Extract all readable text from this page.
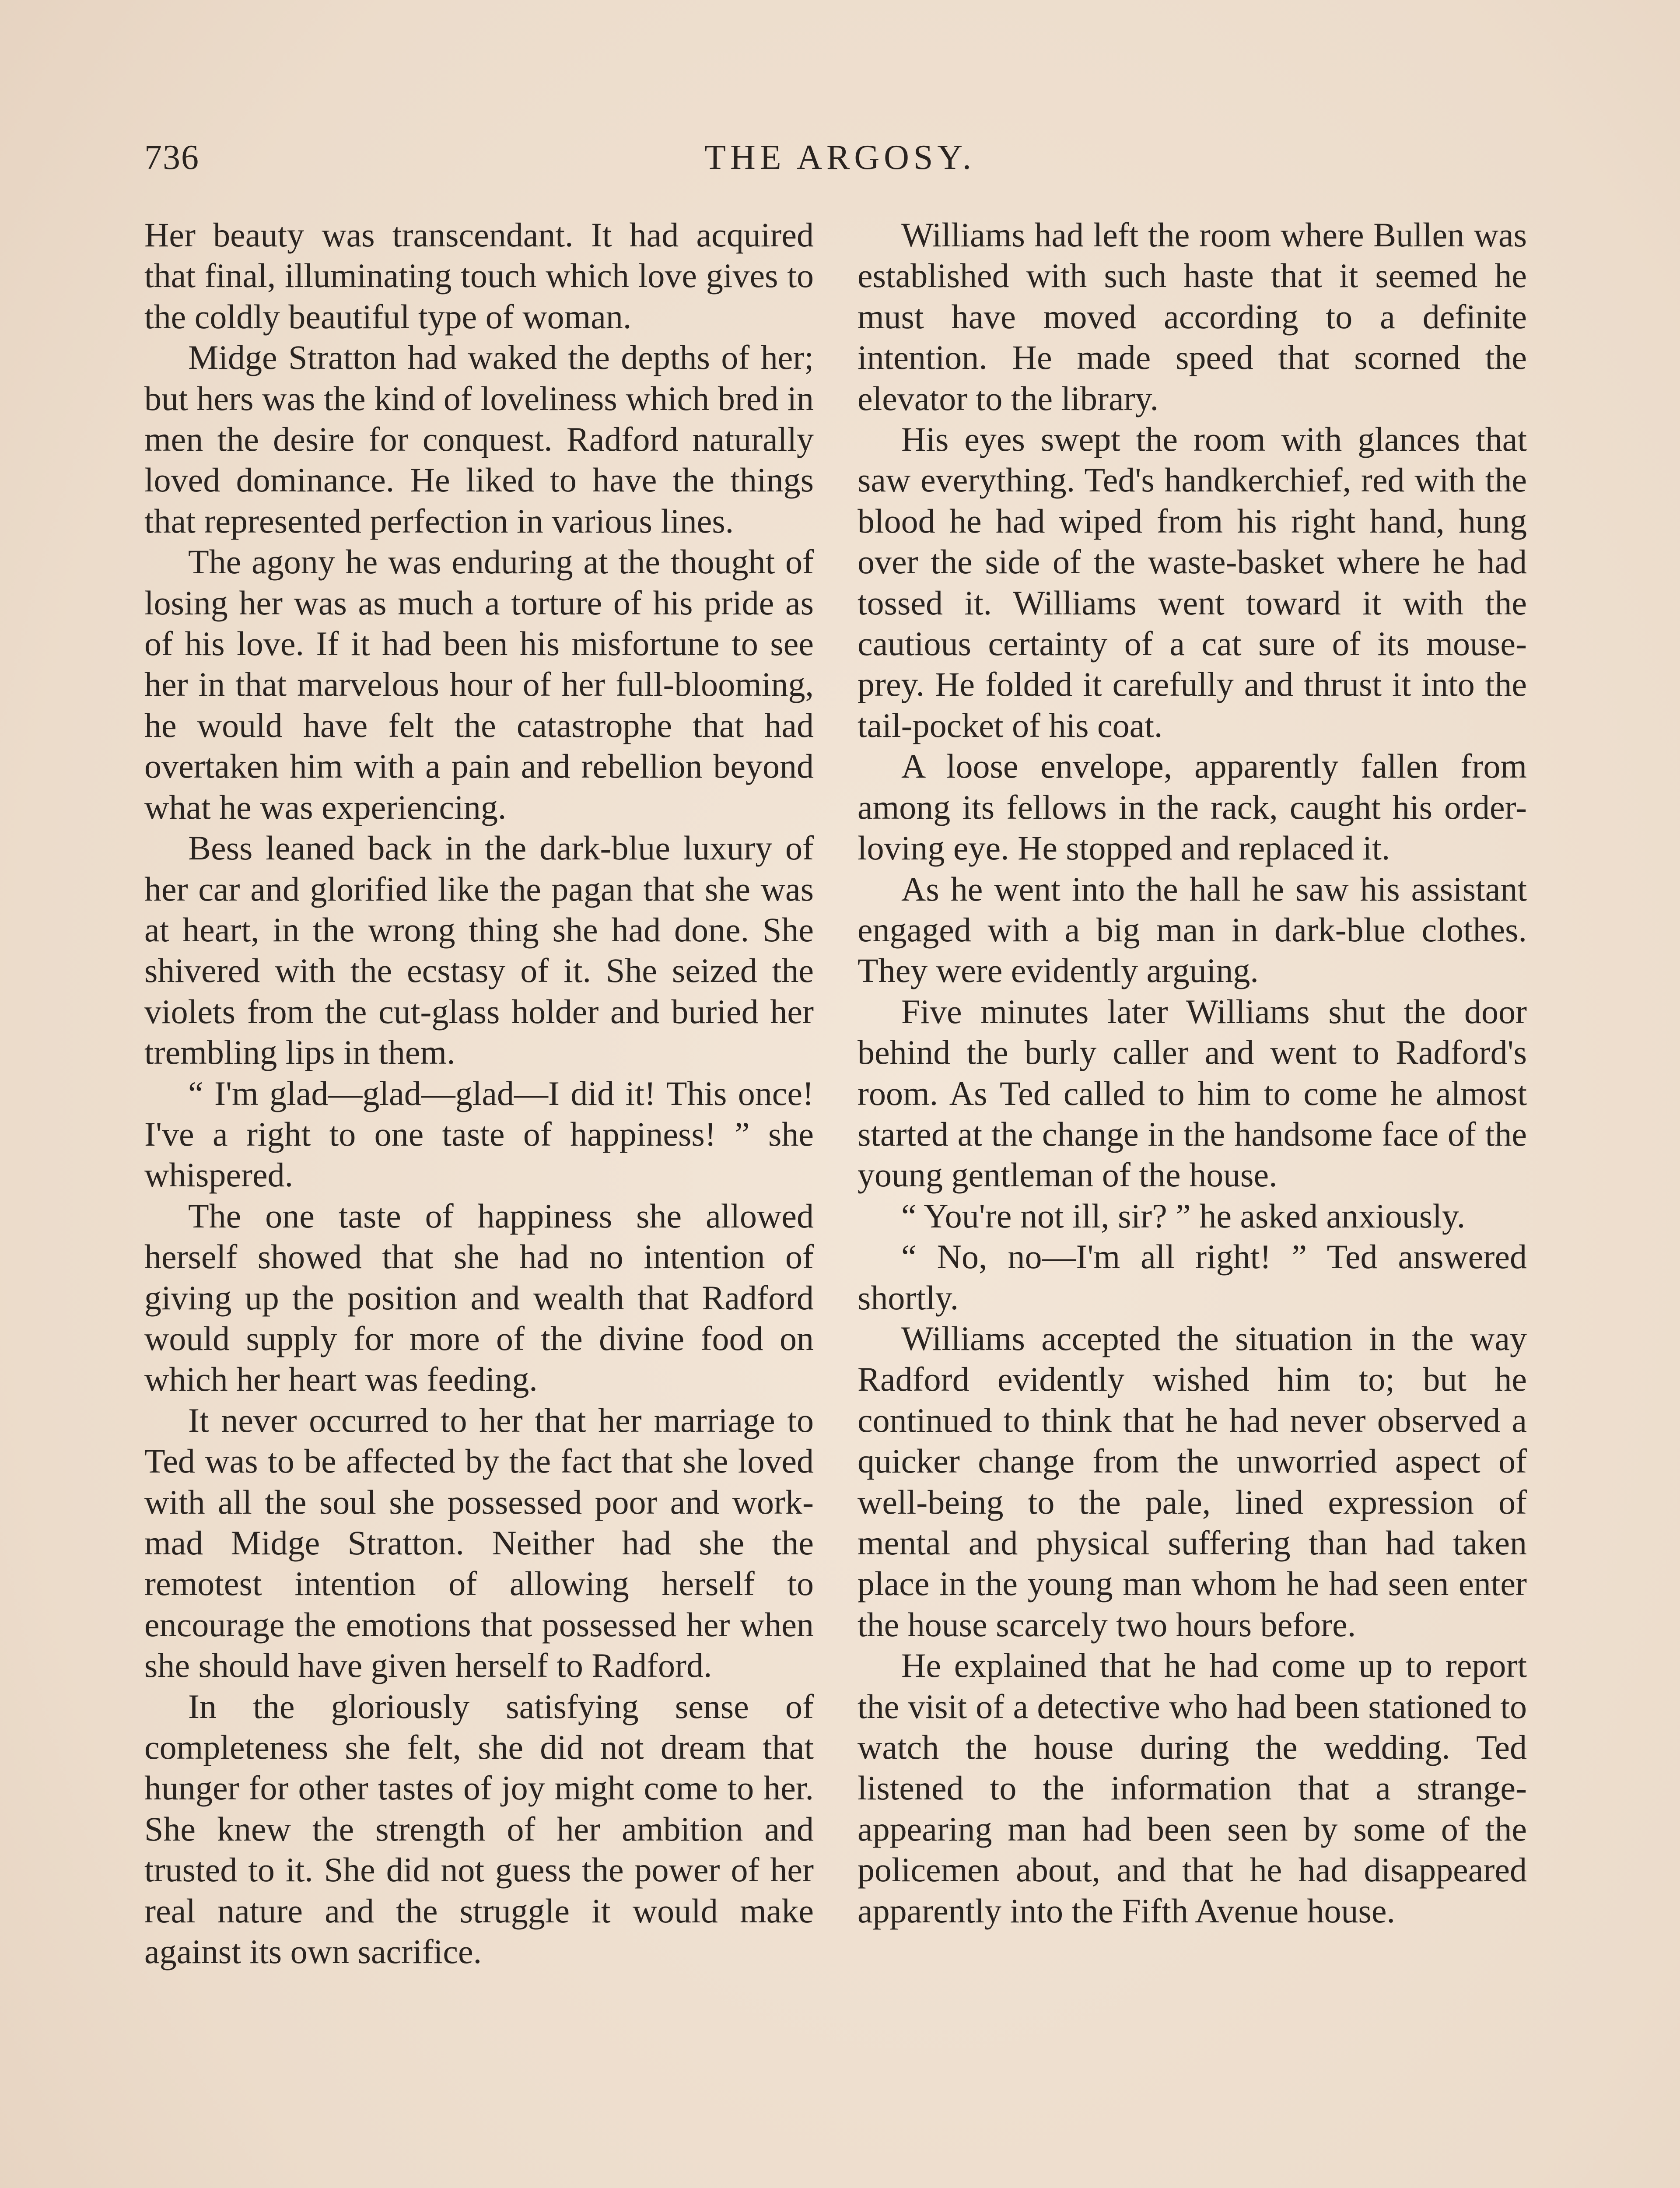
736	THE ARGOSY.

Her beauty was transcendant. It had acquired that final, illuminating touch which love gives to the coldly beautiful type of woman.

Midge Stratton had waked the depths of her; but hers was the kind of loveliness which bred in men the desire for conquest. Radford naturally loved dominance. He liked to have the things that represented perfection in various lines.

The agony he was enduring at the thought of losing her was as much a torture of his pride as of his love. If it had been his misfortune to see her in that marvelous hour of her full-blooming, he would have felt the catastrophe that had overtaken him with a pain and rebellion beyond what he was experiencing.

Bess leaned back in the dark-blue luxury of her car and glorified like the pagan that she was at heart, in the wrong thing she had done. She shivered with the ecstasy of it. She seized the violets from the cut-glass holder and buried her trembling lips in them.

“ I'm glad—glad—glad—I did it! This once! I've a right to one taste of happiness! ” she whispered.

The one taste of happiness she allowed herself showed that she had no intention of giving up the position and wealth that Radford would supply for more of the divine food on which her heart was feeding.

It never occurred to her that her marriage to Ted was to be affected by the fact that she loved with all the soul she possessed poor and work-mad Midge Stratton. Neither had she the remotest intention of allowing herself to encourage the emotions that possessed her when she should have given herself to Radford.

In the gloriously satisfying sense of completeness she felt, she did not dream that hunger for other tastes of joy might come to her. She knew the strength of her ambition and trusted to it. She did not guess the power of her real nature and the struggle it would make against its own sacrifice.

Williams had left the room where Bullen was established with such haste that it seemed he must have moved according to a definite intention. He made speed that scorned the elevator to the library.

His eyes swept the room with glances that saw everything. Ted's handkerchief, red with the blood he had wiped from his right hand, hung over the side of the waste-basket where he had tossed it. Williams went toward it with the cautious certainty of a cat sure of its mouse-prey. He folded it carefully and thrust it into the tail-pocket of his coat.

A loose envelope, apparently fallen from among its fellows in the rack, caught his order-loving eye. He stopped and replaced it.

As he went into the hall he saw his assistant engaged with a big man in dark-blue clothes. They were evidently arguing.

Five minutes later Williams shut the door behind the burly caller and went to Radford's room. As Ted called to him to come he almost started at the change in the handsome face of the young gentleman of the house.

“ You're not ill, sir? ” he asked anxiously.

“ No, no—I'm all right! ” Ted answered shortly.

Williams accepted the situation in the way Radford evidently wished him to; but he continued to think that he had never observed a quicker change from the unworried aspect of well-being to the pale, lined expression of mental and physical suffering than had taken place in the young man whom he had seen enter the house scarcely two hours before.

He explained that he had come up to report the visit of a detective who had been stationed to watch the house during the wedding. Ted listened to the information that a strange-appearing man had been seen by some of the policemen about, and that he had disappeared apparently into the Fifth Avenue house.
